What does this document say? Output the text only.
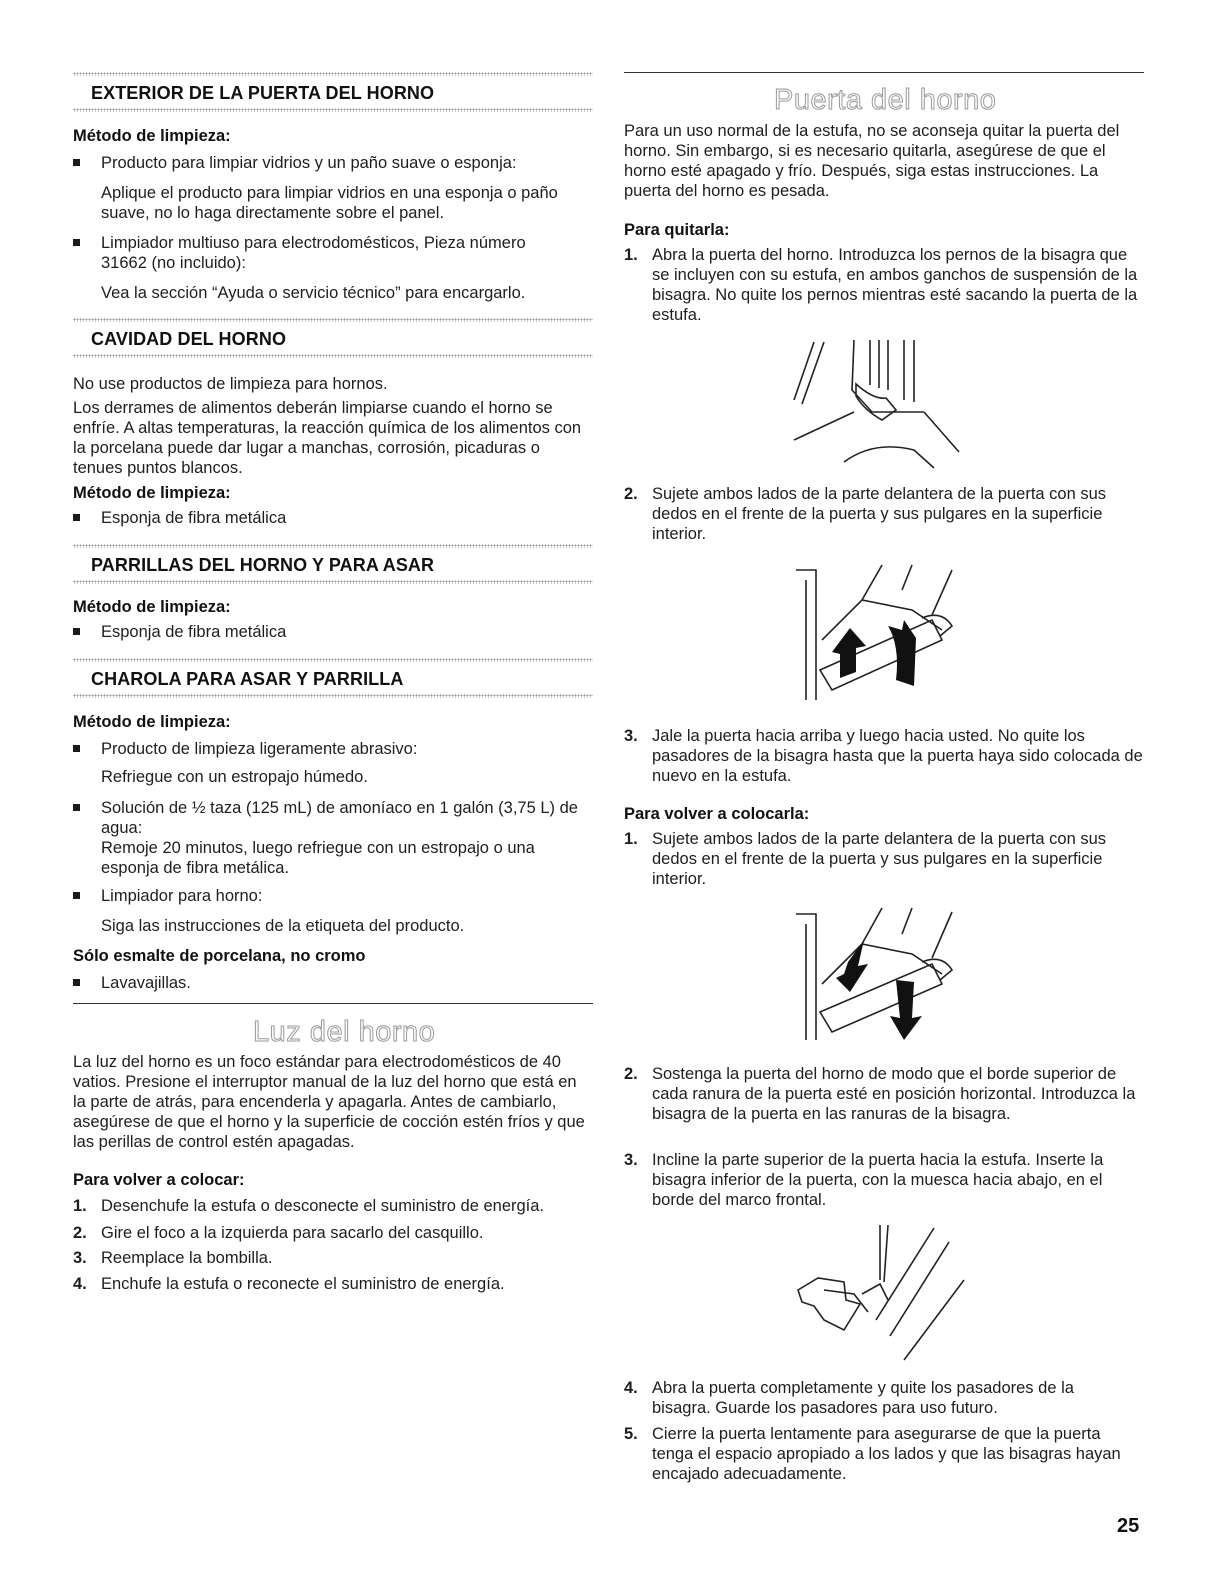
EXTERIOR DE LA PUERTA DEL HORNO

Método de limpieza:

Producto para limpiar vidrios y un paño suave o esponja:

Aplique el producto para limpiar vidrios en una esponja o paño suave, no lo haga directamente sobre el panel.

Limpiador multiuso para electrodomésticos, Pieza número 31662 (no incluido):

Vea la sección “Ayuda o servicio técnico” para encargarlo.

CAVIDAD DEL HORNO

No use productos de limpieza para hornos.

Los derrames de alimentos deberán limpiarse cuando el horno se enfríe. A altas temperaturas, la reacción química de los alimentos con la porcelana puede dar lugar a manchas, corrosión, picaduras o tenues puntos blancos.

Método de limpieza:

Esponja de fibra metálica
PARRILLAS DEL HORNO Y PARA ASAR

Método de limpieza:

Esponja de fibra metálica
CHAROLA PARA ASAR Y PARRILLA

Método de limpieza:

Producto de limpieza ligeramente abrasivo:

Refriegue con un estropajo húmedo.

Solución de ½ taza (125 mL) de amoníaco en 1 galón (3,75 L) de agua:

Remoje 20 minutos, luego refriegue con un estropajo o una esponja de fibra metálica.

Limpiador para horno:

Siga las instrucciones de la etiqueta del producto.

Sólo esmalte de porcelana, no cromo

Lavavajillas.

Luz del horno

La luz del horno es un foco estándar para electrodomésticos de 40 vatios. Presione el interruptor manual de la luz del horno que está en la parte de atrás, para encenderla y apagarla. Antes de cambiarlo, asegúrese de que el horno y la superficie de cocción estén fríos y que las perillas de control estén apagadas.

Para volver a colocar:

1. Desenchufe la estufa o desconecte el suministro de energía.
2. Gire el foco a la izquierda para sacarlo del casquillo.
3. Reemplace la bombilla.
4. Enchufe la estufa o reconecte el suministro de energía.

Puerta del horno

Para un uso normal de la estufa, no se aconseja quitar la puerta del horno. Sin embargo, si es necesario quitarla, asegúrese de que el horno esté apagado y frío. Después, siga estas instrucciones. La puerta del horno es pesada.

Para quitarla:

1. Abra la puerta del horno. Introduzca los pernos de la bisagra que se incluyen con su estufa, en ambos ganchos de suspensión de la bisagra. No quite los pernos mientras esté sacando la puerta de la estufa.
2. Sujete ambos lados de la parte delantera de la puerta con sus dedos en el frente de la puerta y sus pulgares en la superficie interior.
3. Jale la puerta hacia arriba y luego hacia usted. No quite los pasadores de la bisagra hasta que la puerta haya sido colocada de nuevo en la estufa.

Para volver a colocarla:

1. Sujete ambos lados de la parte delantera de la puerta con sus dedos en el frente de la puerta y sus pulgares en la superficie interior.
2. Sostenga la puerta del horno de modo que el borde superior de cada ranura de la puerta esté en posición horizontal. Introduzca la bisagra de la puerta en las ranuras de la bisagra.
3. Incline la parte superior de la puerta hacia la estufa. Inserte la bisagra inferior de la puerta, con la muesca hacia abajo, en el borde del marco frontal.
4. Abra la puerta completamente y quite los pasadores de la bisagra. Guarde los pasadores para uso futuro.
5. Cierre la puerta lentamente para asegurarse de que la puerta tenga el espacio apropiado a los lados y que las bisagras hayan encajado adecuadamente.

25
